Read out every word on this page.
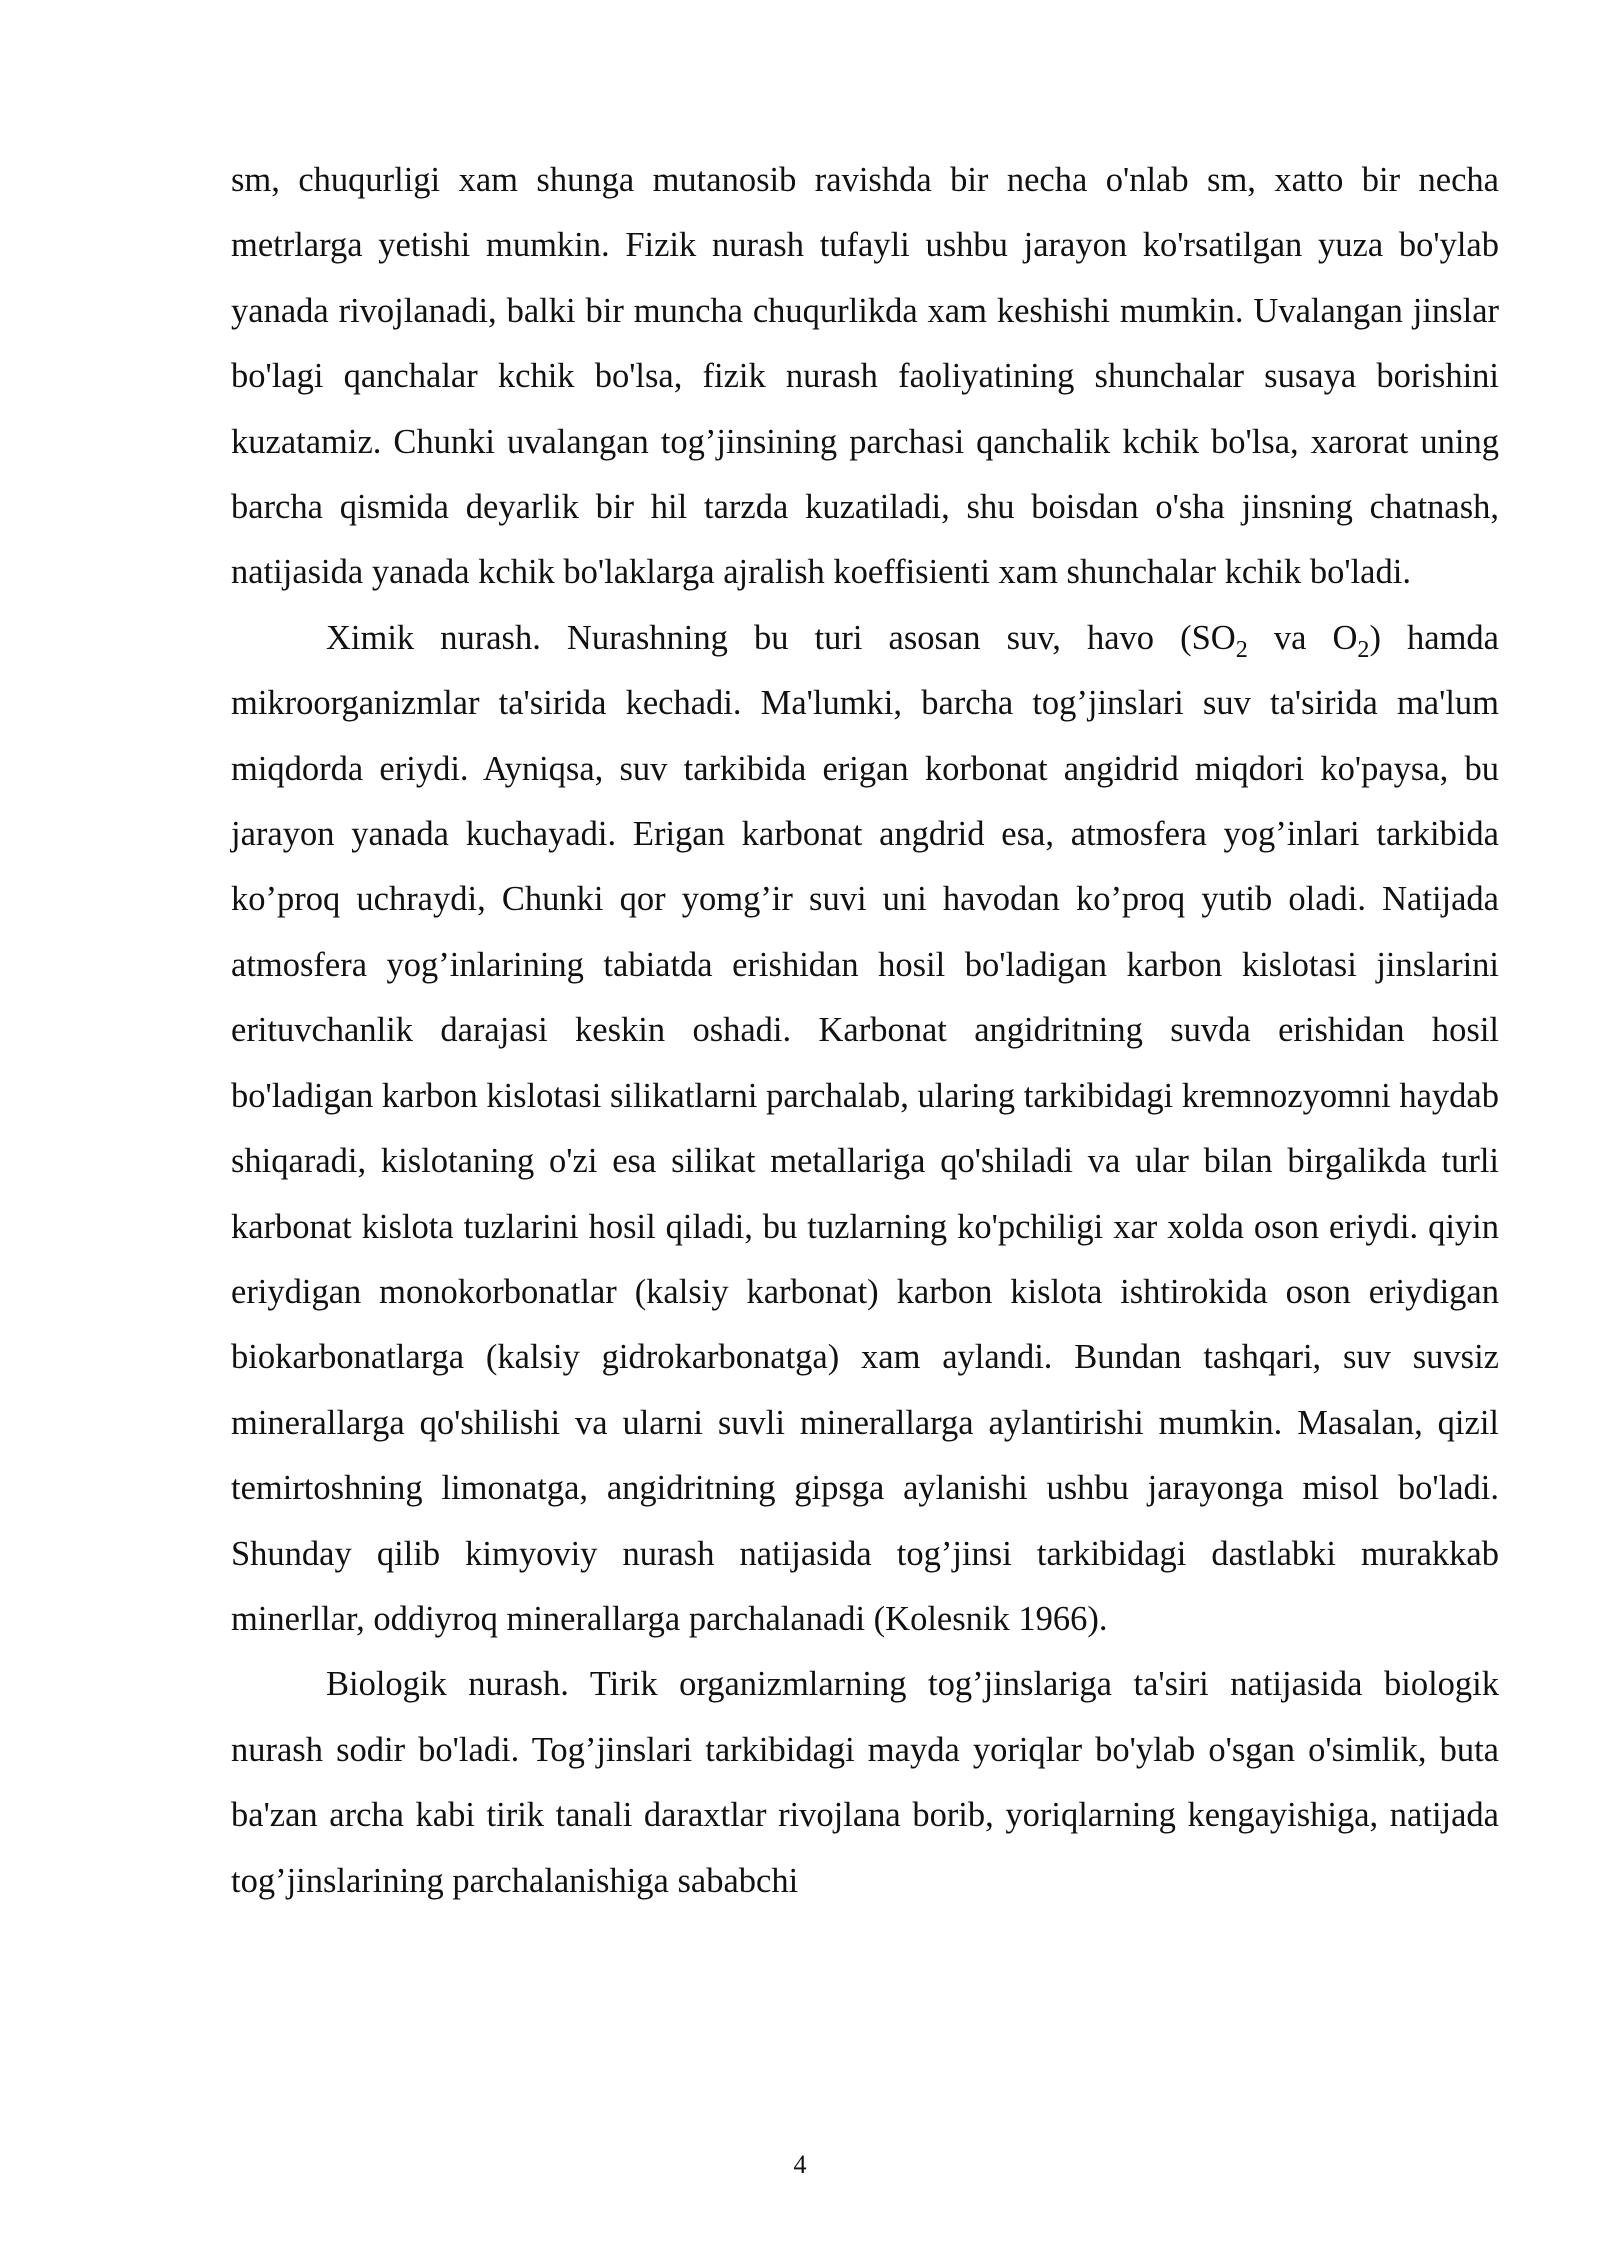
sm, chuqurligi xam shunga mutanosib ravishda bir necha o'nlab sm, xatto bir necha metrlarga yetishi mumkin. Fizik nurash tufayli ushbu jarayon ko'rsatilgan yuza bo'ylab yanada rivojlanadi, balki bir muncha chuqurlikda xam keshishi mumkin. Uvalangan jinslar bo'lagi qanchalar kchik bo'lsa, fizik nurash faoliyatining shunchalar susaya borishini kuzatamiz. Chunki uvalangan tog’jinsining parchasi qanchalik kchik bo'lsa, xarorat uning barcha qismida deyarlik bir hil tarzda kuzatiladi, shu boisdan o'sha jinsning chatnash, natijasida yanada kchik bo'laklarga ajralish koeffisienti xam shunchalar kchik bo'ladi.

Ximik nurash. Nurashning bu turi asosan suv, havo ($SO_2$ va $O_2$) hamda mikroorganizmlar ta'sirida kechadi. Ma'lumki, barcha tog’jinslari suv ta'sirida ma'lum miqdorda eriydi. Ayniqsa, suv tarkibida erigan korbonat angidrid miqdori ko'paysa, bu jarayon yanada kuchayadi. Erigan karbonat angdrid esa, atmosfera yog’inlari tarkibida ko’proq uchraydi, Chunki qor yomg’ir suvi uni havodan ko’proq yutib oladi. Natijada atmosfera yog’inlarining tabiatda erishidan hosil bo'ladigan karbon kislotasi jinslarini erituvchanlik darajasi keskin oshadi. Karbonat angidritning suvda erishidan hosil bo'ladigan karbon kislotasi silikatlarni parchalab, ularing tarkibidagi kremnozyomni haydab shiqaradi, kislotaning o'zi esa silikat metallariga qo'shiladi va ular bilan birgalikda turli karbonat kislota tuzlarini hosil qiladi, bu tuzlarning ko'pchiligi xar xolda oson eriydi. qiyin eriydigan monokorbonatlar (kalsiy karbonat) karbon kislota ishtirokida oson eriydigan biokarbonatlarga (kalsiy gidrokarbonatga) xam aylandi. Bundan tashqari, suv suvsiz minerallarga qo'shilishi va ularni suvli minerallarga aylantirishi mumkin. Masalan, qizil temirtoshning limonatga, angidritning gipsga aylanishi ushbu jarayonga misol bo'ladi. Shunday qilib kimyoviy nurash natijasida tog’jinsi tarkibidagi dastlabki murakkab minerllar, oddiyroq minerallarga parchalanadi (Kolesnik 1966).

Biologik nurash. Tirik organizmlarning tog’jinslariga ta'siri natijasida biologik nurash sodir bo'ladi. Tog’jinslari tarkibidagi mayda yoriqlar bo'ylab o'sgan o'simlik, buta ba'zan archa kabi tirik tanali daraxtlar rivojlana borib, yoriqlarning kengayishiga, natijada tog’jinslarining parchalanishiga sababchi

4
